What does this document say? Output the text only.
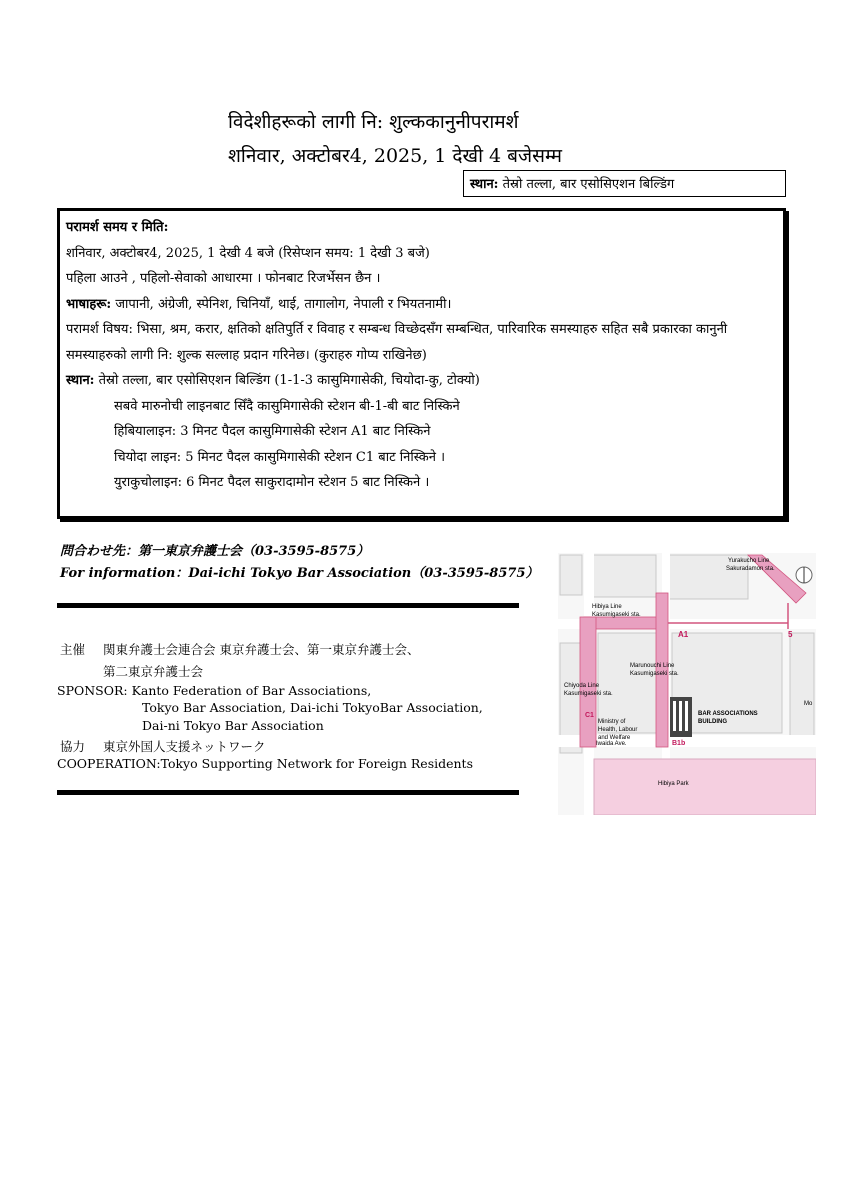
विदेशीहरूको लागी नि: शुल्ककानुनीपरामर्श
शनिवार, अक्टोबर4, 2025, 1 देखी 4 बजेसम्म
स्थान: तेस्रो तल्ला, बार एसोसिएशन बिल्डिंग
परामर्श समय र मिति:
शनिवार, अक्टोबर4, 2025, 1 देखी 4 बजे (रिसेप्शन समय: 1 देखी 3 बजे)
पहिला आउने , पहिलो-सेवाको आधारमा । फोनबाट रिजर्भेसन छैन ।
भाषाहरू: जापानी, अंग्रेजी, स्पेनिश, चिनियाँ, थाई, तागालोग, नेपाली र भियतनामी।
परामर्श विषय: भिसा, श्रम, करार, क्षतिको क्षतिपुर्ति र विवाह र सम्बन्ध विच्छेदसँग सम्बन्धित, पारिवारिक समस्याहरु सहित सबै प्रकारका कानुनी समस्याहरुको लागी नि: शुल्क सल्लाह प्रदान गरिनेछ। (कुराहरु गोप्य राखिनेछ)
स्थान: तेस्रो तल्ला, बार एसोसिएशन बिल्डिंग (1-1-3 कासुमिगासेकी, चियोदा-कु, टोक्यो)
सबवे मारुनोची लाइनबाट सिँदै कासुमिगासेकी स्टेशन बी-1-बी बाट निस्किने
हिबियालाइन: 3 मिनट पैदल कासुमिगासेकी स्टेशन A1 बाट निस्किने
चियोदा लाइन: 5 मिनट पैदल कासुमिगासेकी स्टेशन C1 बाट निस्किने ।
युराकुचोलाइन: 6 मिनट पैदल साकुरादामोन स्टेशन 5 बाट निस्किने ।
問合わせ先：第一東京弁護士会（03-3595-8575）
For information：Dai-ichi Tokyo Bar Association（03-3595-8575）
主催 関東弁護士会連合会 東京弁護士会、第一東京弁護士会、
第二東京弁護士会
SPONSOR: Kanto Federation of Bar Associations,
Tokyo Bar Association, Dai-ichi TokyoBar Association,
Dai-ni Tokyo Bar Association
協力 東京外国人支援ネットワーク
COOPERATION:Tokyo Supporting Network for Foreign Residents
Yurakucho Line
Sakuradamon sta.
Hibiya Line
Kasumigaseki sta.
Marunouchi Line
Kasumigaseki sta.
Chiyoda Line
Kasumigaseki sta.
Ministry of
Health, Labour
and Welfare
BAR ASSOCIATIONS
BUILDING
Iwaida Ave.
Hibiya Park
A1	5
C1
B1b
Mo
